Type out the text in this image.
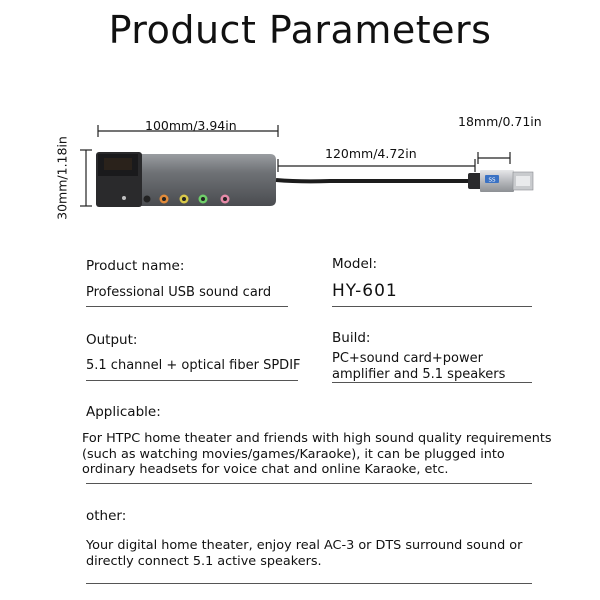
Product Parameters
SS
100mm/3.94in
120mm/4.72in
18mm/0.71in
30mm/1.18in
Product name:
Professional USB sound card
Model:
HY-601
Output:
5.1 channel + optical fiber SPDIF
Build:
PC+sound card+power amplifier and 5.1 speakers
Applicable:
For HTPC home theater and friends with high sound quality requirements (such as watching movies/games/Karaoke), it can be plugged into ordinary headsets for voice chat and online Karaoke, etc.
other:
Your digital home theater, enjoy real AC-3 or DTS surround sound or directly connect 5.1 active speakers.
